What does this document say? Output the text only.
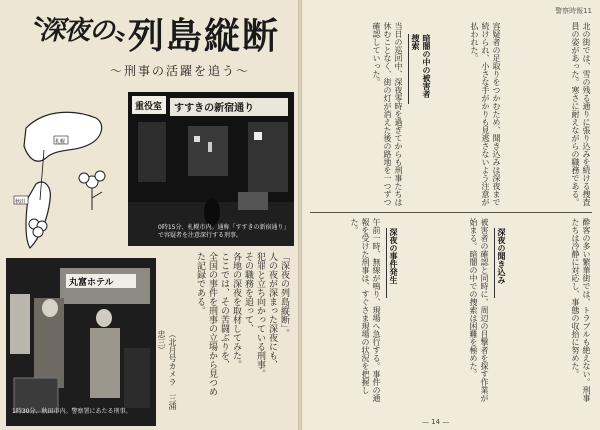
〝深夜の〟
列島縦断
〜刑事の活躍を追う〜
札幌
秋田
重役室 すすきの新宿通り
0時15分、札幌市内。通称「すすきの新宿通り」で容疑者を注意深行する刑事。
丸富ホテル
1時30分、秋田市内。警察署にあたる刑事。
「深夜の列島縦断」。
人の夜が深まった深夜にも、
犯罪と立ち向かっている刑事。
その職務を追って、
各地の深夜を取材してみた。
ここでは、その苦闘ぶりを、
全国の事件を刑事の立場から見つめた記録である。
（北月号カメラ　三浦　忠三）
警察時報11
当日の巡回中、深夜零時を過ぎてからも刑事たちは休むことなく、街の灯が消えた後の路地を一つずつ確認していった。	暗闇の中の被害者捜索	容疑者の足取りをつかむため、聞き込みは深夜まで続けられ、小さな手がかりも見逃さないよう注意が払われた。	北の街では、雪の残る通りに張り込みを続ける捜査員の姿があった。寒さに耐えながらの職務である。
午前一時、無線が鳴り、現場へ急行する。事件の通報を受けた刑事は、すぐさま現場の状況を把握した。
深夜の事件発生	被害者の確認と同時に、周辺の目撃者を探す作業が始まる。暗闇の中での捜索は困難を極めた。	深夜の聞き込み	酔客の多い繁華街では、トラブルも絶えない。刑事たちは冷静に対応し、事態の収拾に努めた。
— 14 —
